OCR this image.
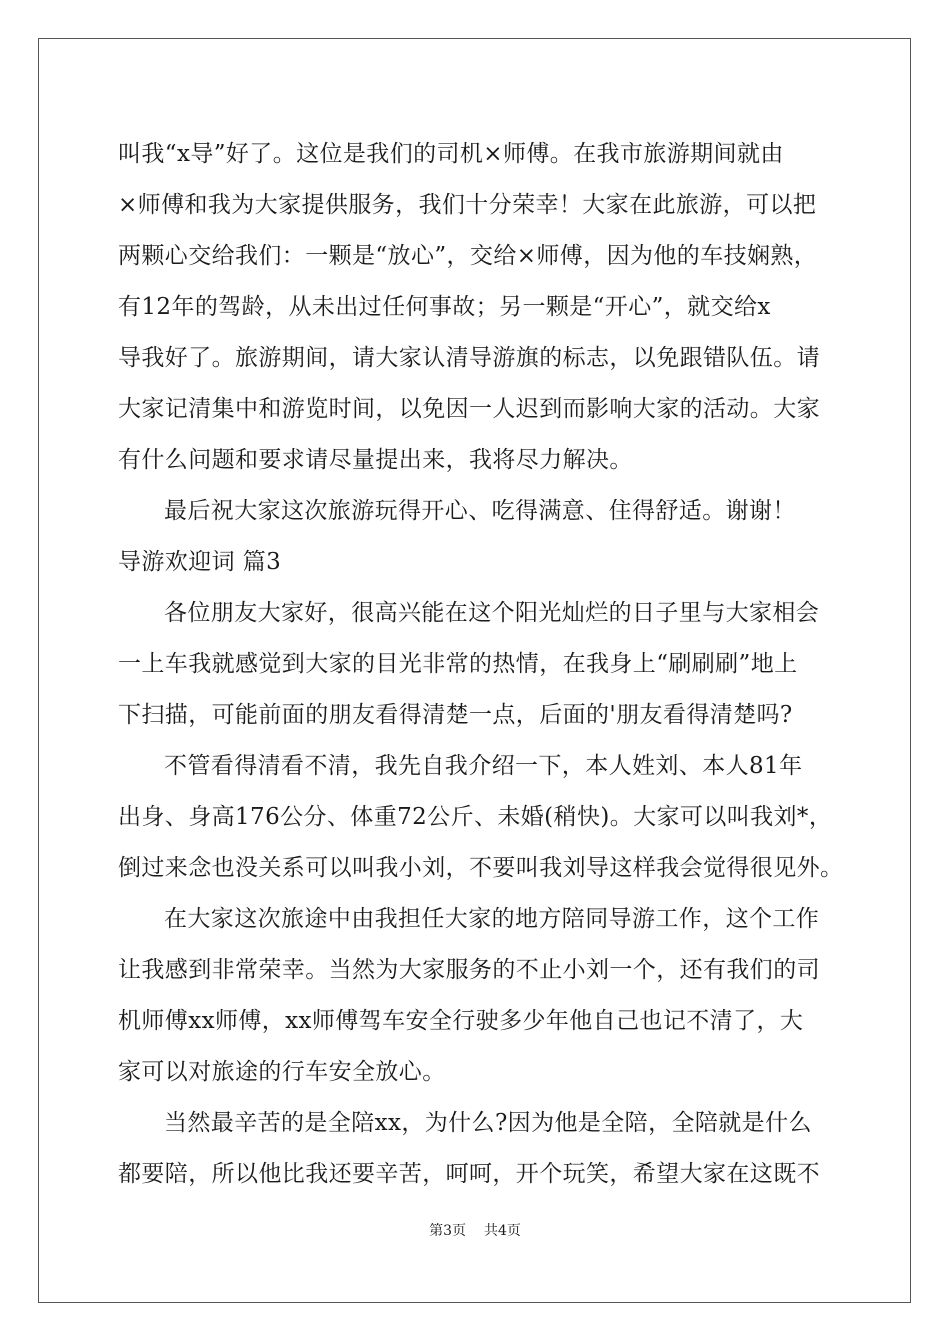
叫我“x导”好了。这位是我们的司机×师傅。在我市旅游期间就由
×师傅和我为大家提供服务，我们十分荣幸！大家在此旅游，可以把
两颗心交给我们：一颗是“放心”，交给×师傅，因为他的车技娴熟，
有12年的驾龄，从未出过任何事故；另一颗是“开心”，就交给x
导我好了。旅游期间，请大家认清导游旗的标志，以免跟错队伍。请
大家记清集中和游览时间，以免因一人迟到而影响大家的活动。大家
有什么问题和要求请尽量提出来，我将尽力解决。
最后祝大家这次旅游玩得开心、吃得满意、住得舒适。谢谢！
导游欢迎词 篇3
各位朋友大家好，很高兴能在这个阳光灿烂的日子里与大家相会
一上车我就感觉到大家的目光非常的热情，在我身上“刷刷刷”地上
下扫描，可能前面的朋友看得清楚一点，后面的'朋友看得清楚吗?
不管看得清看不清，我先自我介绍一下，本人姓刘、本人81年
出身、身高176公分、体重72公斤、未婚(稍快)。大家可以叫我刘*，
倒过来念也没关系可以叫我小刘，不要叫我刘导这样我会觉得很见外。
在大家这次旅途中由我担任大家的地方陪同导游工作，这个工作
让我感到非常荣幸。当然为大家服务的不止小刘一个，还有我们的司
机师傅xx师傅，xx师傅驾车安全行驶多少年他自己也记不清了，大
家可以对旅途的行车安全放心。
当然最辛苦的是全陪xx，为什么?因为他是全陪，全陪就是什么
都要陪，所以他比我还要辛苦，呵呵，开个玩笑，希望大家在这既不
第3页 共4页
